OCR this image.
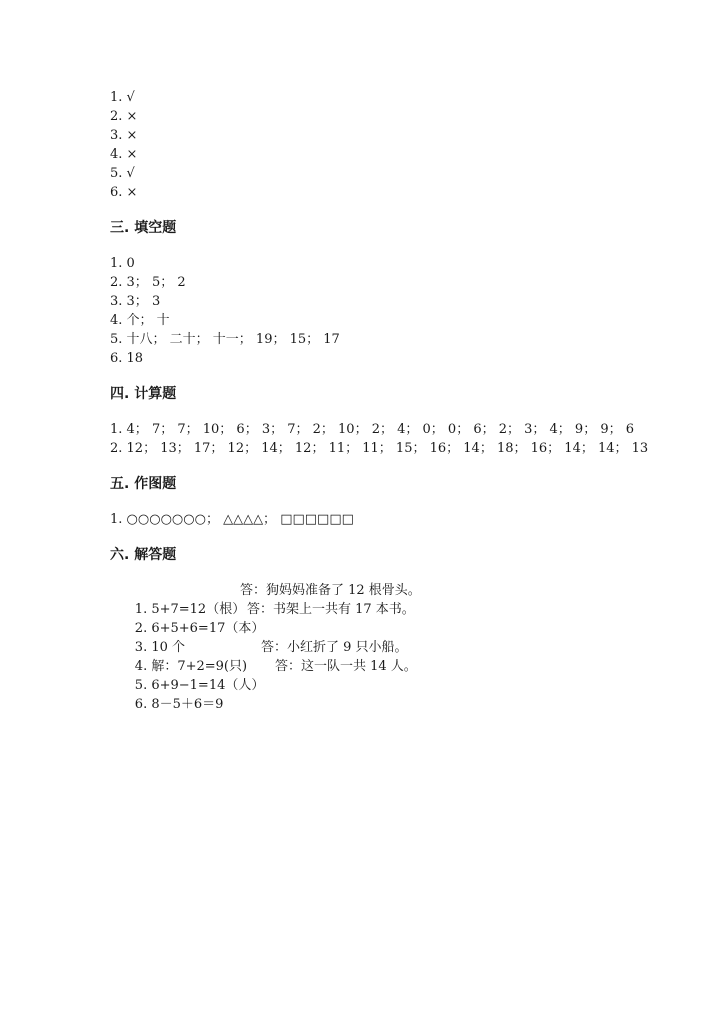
1. √
2. ×
3. ×
4. ×
5. √
6. ×
三. 填空题
1. 0
2. 3； 5； 2
3. 3； 3
4. 个； 十
5. 十八； 二十； 十一； 19； 15； 17
6. 18
四. 计算题
1. 4； 7； 7； 10； 6； 3； 7； 2； 10； 2； 4； 0； 0； 6； 2； 3； 4； 9； 9； 6
2. 12； 13； 17； 12； 14； 12； 11； 11； 15； 16； 14； 18； 16； 14； 14； 13
五. 作图题
1. ○○○○○○○； △△△△； □□□□□□
六. 解答题

1. 5+7=12（根）

答：狗妈妈准备了 12 根骨头。

2. 6+5+6=17（本）

答：书架上一共有 17 本书。

3. 10 个

4. 解：7+2=9(只)

答：小红折了 9 只小船。

5. 6+9−1=14（人）

答：这一队一共 14 人。

6. 8－5＋6＝9
